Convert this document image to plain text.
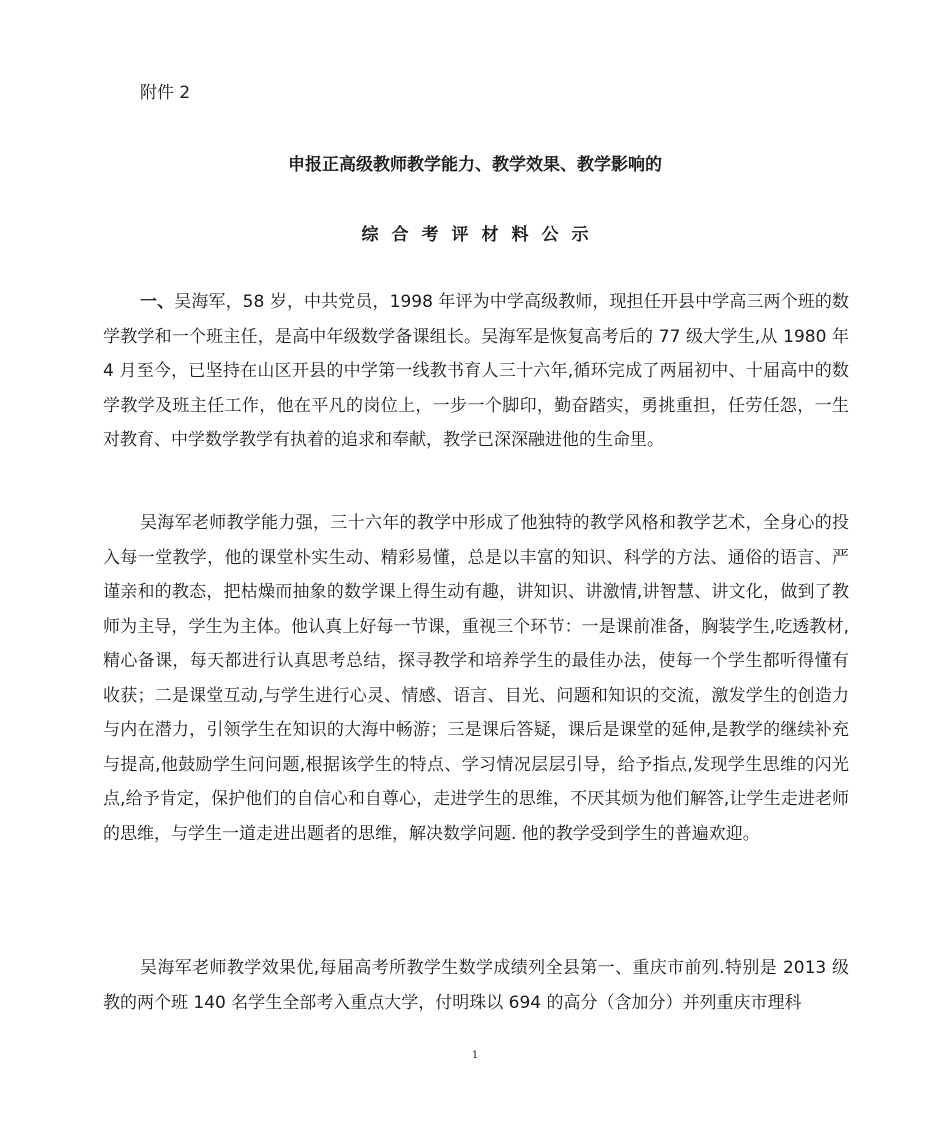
附件 2
申报正高级教师教学能力、教学效果、教学影响的
综合考评材料公示

一、吴海军，58 岁，中共党员，1998 年评为中学高级教师，现担任开县中学高三两个班的数学教学和一个班主任，是高中年级数学备课组长。吴海军是恢复高考后的 77 级大学生,从 1980 年 4 月至今，已坚持在山区开县的中学第一线教书育人三十六年,循环完成了两届初中、十届高中的数学教学及班主任工作，他在平凡的岗位上，一步一个脚印，勤奋踏实，勇挑重担，任劳任怨，一生对教育、中学数学教学有执着的追求和奉献，教学已深深融进他的生命里。

吴海军老师教学能力强，三十六年的教学中形成了他独特的教学风格和教学艺术，全身心的投入每一堂教学，他的课堂朴实生动、精彩易懂，总是以丰富的知识、科学的方法、通俗的语言、严谨亲和的教态，把枯燥而抽象的数学课上得生动有趣，讲知识、讲激情,讲智慧、讲文化，做到了教师为主导，学生为主体。他认真上好每一节课，重视三个环节：一是课前准备，胸装学生,吃透教材,精心备课，每天都进行认真思考总结，探寻教学和培养学生的最佳办法，使每一个学生都听得懂有收获；二是课堂互动,与学生进行心灵、情感、语言、目光、问题和知识的交流，激发学生的创造力与内在潜力，引领学生在知识的大海中畅游；三是课后答疑，课后是课堂的延伸,是教学的继续补充与提高,他鼓励学生问问题,根据该学生的特点、学习情况层层引导，给予指点,发现学生思维的闪光点,给予肯定，保护他们的自信心和自尊心，走进学生的思维，不厌其烦为他们解答,让学生走进老师的思维，与学生一道走进出题者的思维，解决数学问题. 他的教学受到学生的普遍欢迎。

吴海军老师教学效果优,每届高考所教学生数学成绩列全县第一、重庆市前列.特别是 2013 级教的两个班 140 名学生全部考入重点大学，付明珠以 694 的高分（含加分）并列重庆市理科

1
